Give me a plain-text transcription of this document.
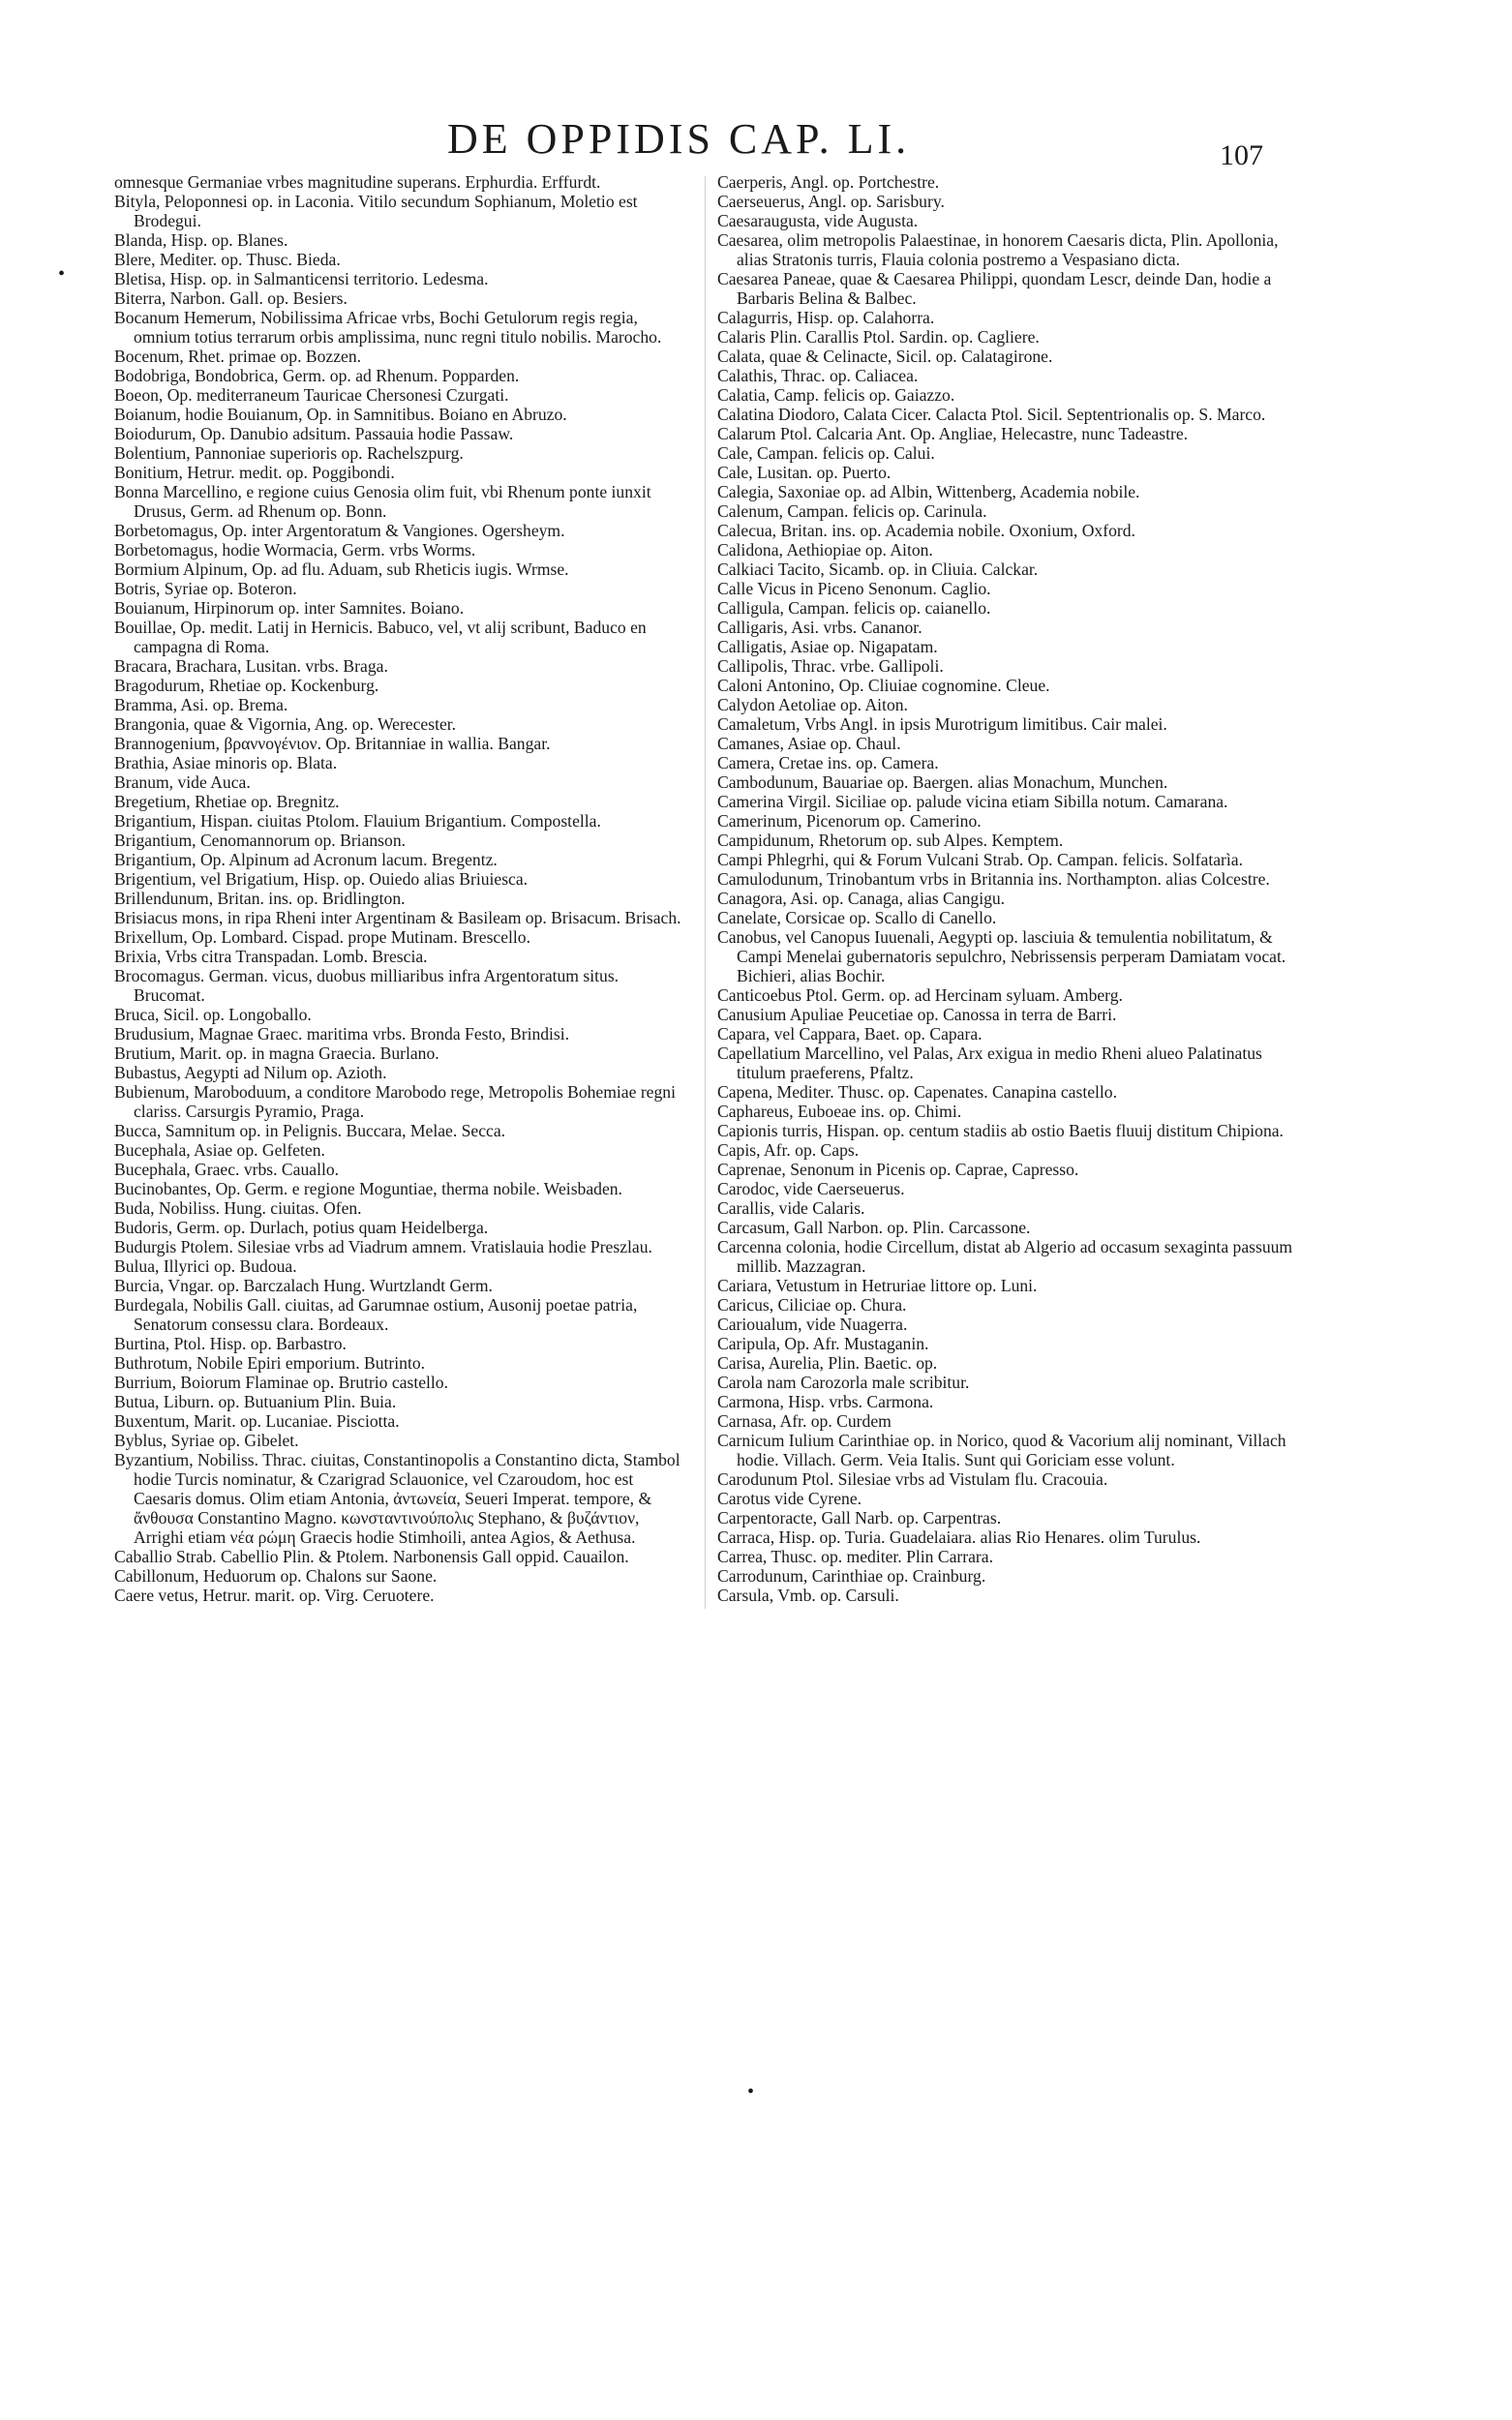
DE OPPIDIS CAP. LI.	107
•
•

omnesque Germaniae vrbes magnitudine superans. Erphurdia. Erffurdt.

Bityla, Peloponnesi op. in Laconia. Vitilo secundum Sophianum, Moletio est Brodegui.

Blanda, Hisp. op. Blanes.

Blere, Mediter. op. Thusc. Bieda.

Bletisa, Hisp. op. in Salmanticensi territorio. Ledesma.

Biterra, Narbon. Gall. op. Besiers.

Bocanum Hemerum, Nobilissima Africae vrbs, Bochi Getulorum regis regia, omnium totius terrarum orbis amplissima, nunc regni titulo nobilis. Marocho.

Bocenum, Rhet. primae op. Bozzen.

Bodobriga, Bondobrica, Germ. op. ad Rhenum. Popparden.

Boeon, Op. mediterraneum Tauricae Chersonesi Czurgati.

Boianum, hodie Bouianum, Op. in Samnitibus. Boiano en Abruzo.

Boiodurum, Op. Danubio adsitum. Passauia hodie Passaw.

Bolentium, Pannoniae superioris op. Rachelszpurg.

Bonitium, Hetrur. medit. op. Poggibondi.

Bonna Marcellino, e regione cuius Genosia olim fuit, vbi Rhenum ponte iunxit Drusus, Germ. ad Rhenum op. Bonn.

Borbetomagus, Op. inter Argentoratum & Vangiones. Ogersheym.

Borbetomagus, hodie Wormacia, Germ. vrbs Worms.

Bormium Alpinum, Op. ad flu. Aduam, sub Rheticis iugis. Wrmse.

Botris, Syriae op. Boteron.

Bouianum, Hirpinorum op. inter Samnites. Boiano.

Bouillae, Op. medit. Latij in Hernicis. Babuco, vel, vt alij scribunt, Baduco en campagna di Roma.

Bracara, Brachara, Lusitan. vrbs. Braga.

Bragodurum, Rhetiae op. Kockenburg.

Bramma, Asi. op. Brema.

Brangonia, quae & Vigornia, Ang. op. Werecester.

Brannogenium, βραννογένιον. Op. Britanniae in wallia. Bangar.

Brathia, Asiae minoris op. Blata.

Branum, vide Auca.

Bregetium, Rhetiae op. Bregnitz.

Brigantium, Hispan. ciuitas Ptolom. Flauium Brigantium. Compostella.

Brigantium, Cenomannorum op. Brianson.

Brigantium, Op. Alpinum ad Acronum lacum. Bregentz.

Brigentium, vel Brigatium, Hisp. op. Ouiedo alias Briuiesca.

Brillendunum, Britan. ins. op. Bridlington.

Brisiacus mons, in ripa Rheni inter Argentinam & Basileam op. Brisacum. Brisach.

Brixellum, Op. Lombard. Cispad. prope Mutinam. Brescello.

Brixia, Vrbs citra Transpadan. Lomb. Brescia.

Brocomagus. German. vicus, duobus milliaribus infra Argentoratum situs. Brucomat.

Bruca, Sicil. op. Longoballo.

Brudusium, Magnae Graec. maritima vrbs. Bronda Festo, Brindisi.

Brutium, Marit. op. in magna Graecia. Burlano.

Bubastus, Aegypti ad Nilum op. Azioth.

Bubienum, Maroboduum, a conditore Marobodo rege, Metropolis Bohemiae regni clariss. Carsurgis Pyramio, Praga.

Bucca, Samnitum op. in Pelignis. Buccara, Melae. Secca.

Bucephala, Asiae op. Gelfeten.

Bucephala, Graec. vrbs. Cauallo.

Bucinobantes, Op. Germ. e regione Moguntiae, therma nobile. Weisbaden.

Buda, Nobiliss. Hung. ciuitas. Ofen.

Budoris, Germ. op. Durlach, potius quam Heidelberga.

Budurgis Ptolem. Silesiae vrbs ad Viadrum amnem. Vratislauia hodie Preszlau.

Bulua, Illyrici op. Budoua.

Burcia, Vngar. op. Barczalach Hung. Wurtzlandt Germ.

Burdegala, Nobilis Gall. ciuitas, ad Garumnae ostium, Ausonij poetae patria, Senatorum consessu clara. Bordeaux.

Burtina, Ptol. Hisp. op. Barbastro.

Buthrotum, Nobile Epiri emporium. Butrinto.

Burrium, Boiorum Flaminae op. Brutrio castello.

Butua, Liburn. op. Butuanium Plin. Buia.

Buxentum, Marit. op. Lucaniae. Pisciotta.

Byblus, Syriae op. Gibelet.

Byzantium, Nobiliss. Thrac. ciuitas, Constantinopolis a Constantino dicta, Stambol hodie Turcis nominatur, & Czarigrad Sclauonice, vel Czaroudom, hoc est Caesaris domus. Olim etiam Antonia, ἀντωνεία, Seueri Imperat. tempore, & ἄνθουσα Constantino Magno. κωνσταντινούπολις Stephano, & βυζάντιον, Arrighi etiam νέα ρώμη Graecis hodie Stimhoili, antea Agios, & Aethusa.

Caballio Strab. Cabellio Plin. & Ptolem. Narbonensis Gall oppid. Cauailon.

Cabillonum, Heduorum op. Chalons sur Saone.

Caere vetus, Hetrur. marit. op. Virg. Ceruotere.

Caerperis, Angl. op. Portchestre.

Caerseuerus, Angl. op. Sarisbury.

Caesaraugusta, vide Augusta.

Caesarea, olim metropolis Palaestinae, in honorem Caesaris dicta, Plin. Apollonia, alias Stratonis turris, Flauia colonia postremo a Vespasiano dicta.

Caesarea Paneae, quae & Caesarea Philippi, quondam Lescr, deinde Dan, hodie a Barbaris Belina & Balbec.

Calagurris, Hisp. op. Calahorra.

Calaris Plin. Carallis Ptol. Sardin. op. Cagliere.

Calata, quae & Celinacte, Sicil. op. Calatagirone.

Calathis, Thrac. op. Caliacea.

Calatia, Camp. felicis op. Gaiazzo.

Calatina Diodoro, Calata Cicer. Calacta Ptol. Sicil. Septentrionalis op. S. Marco.

Calarum Ptol. Calcaria Ant. Op. Angliae, Helecastre, nunc Tadeastre.

Cale, Campan. felicis op. Calui.

Cale, Lusitan. op. Puerto.

Calegia, Saxoniae op. ad Albin, Wittenberg, Academia nobile.

Calenum, Campan. felicis op. Carinula.

Calecua, Britan. ins. op. Academia nobile. Oxonium, Oxford.

Calidona, Aethiopiae op. Aiton.

Calkiaci Tacito, Sicamb. op. in Cliuia. Calckar.

Calle Vicus in Piceno Senonum. Caglio.

Calligula, Campan. felicis op. caianello.

Calligaris, Asi. vrbs. Cananor.

Calligatis, Asiae op. Nigapatam.

Callipolis, Thrac. vrbe. Gallipoli.

Caloni Antonino, Op. Cliuiae cognomine. Cleue.

Calydon Aetoliae op. Aiton.

Camaletum, Vrbs Angl. in ipsis Murotrigum limitibus. Cair malei.

Camanes, Asiae op. Chaul.

Camera, Cretae ins. op. Camera.

Cambodunum, Bauariae op. Baergen. alias Monachum, Munchen.

Camerina Virgil. Siciliae op. palude vicina etiam Sibilla notum. Camarana.

Camerinum, Picenorum op. Camerino.

Campidunum, Rhetorum op. sub Alpes. Kemptem.

Campi Phlegrhi, qui & Forum Vulcani Strab. Op. Campan. felicis. Solfatarìa.

Camulodunum, Trinobantum vrbs in Britannia ins. Northampton. alias Colcestre.

Canagora, Asi. op. Canaga, alias Cangigu.

Canelate, Corsicae op. Scallo di Canello.

Canobus, vel Canopus Iuuenali, Aegypti op. lasciuia & temulentia nobilitatum, & Campi Menelai gubernatoris sepulchro, Nebrissensis perperam Damiatam vocat. Bichieri, alias Bochir.

Canticoebus Ptol. Germ. op. ad Hercinam syluam. Amberg.

Canusium Apuliae Peucetiae op. Canossa in terra de Barri.

Capara, vel Cappara, Baet. op. Capara.

Capellatium Marcellino, vel Palas, Arx exigua in medio Rheni alueo Palatinatus titulum praeferens, Pfaltz.

Capena, Mediter. Thusc. op. Capenates. Canapina castello.

Caphareus, Euboeae ins. op. Chimi.

Capionis turris, Hispan. op. centum stadiis ab ostio Baetis fluuij distitum Chipiona.

Capis, Afr. op. Caps.

Caprenae, Senonum in Picenis op. Caprae, Capresso.

Carodoc, vide Caerseuerus.

Carallis, vide Calaris.

Carcasum, Gall Narbon. op. Plin. Carcassone.

Carcenna colonia, hodie Circellum, distat ab Algerio ad occasum sexaginta passuum millib. Mazzagran.

Cariara, Vetustum in Hetruriae littore op. Luni.

Caricus, Ciliciae op. Chura.

Carioualum, vide Nuagerra.

Caripula, Op. Afr. Mustaganin.

Carisa, Aurelia, Plin. Baetic. op.

Carola nam Carozorla male scribitur.

Carmona, Hisp. vrbs. Carmona.

Carnasa, Afr. op. Curdem

Carnicum Iulium Carinthiae op. in Norico, quod & Vacorium alij nominant, Villach hodie. Villach. Germ. Veia Italis. Sunt qui Goriciam esse volunt.

Carodunum Ptol. Silesiae vrbs ad Vistulam flu. Cracouia.

Carotus vide Cyrene.

Carpentoracte, Gall Narb. op. Carpentras.

Carraca, Hisp. op. Turia. Guadelaiara. alias Rio Henares. olim Turulus.

Carrea, Thusc. op. mediter. Plin Carrara.

Carrodunum, Carinthiae op. Crainburg.

Carsula, Vmb. op. Carsuli.
